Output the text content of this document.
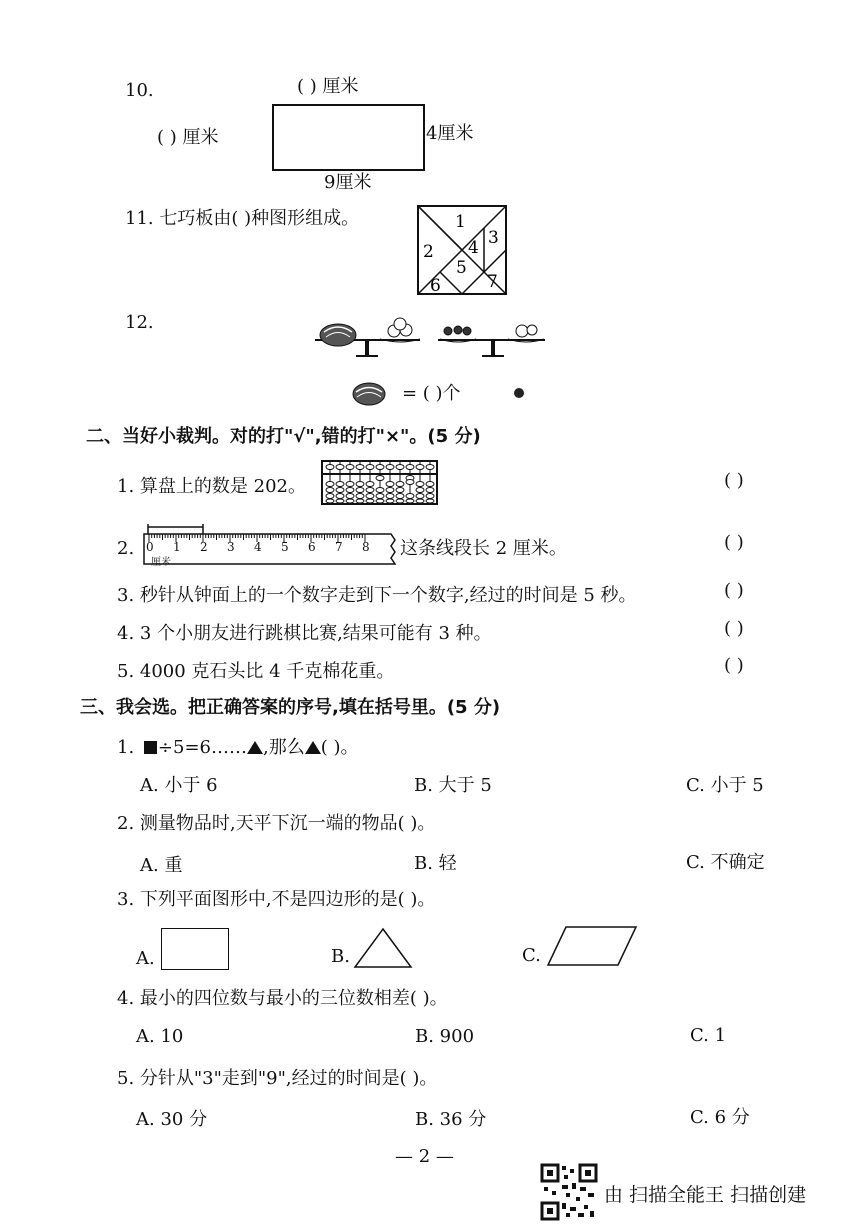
10.	( ) 厘米
( ) 厘米	4厘米
9厘米
11. 七巧板由( )种图形组成。	1
2
3
4
5
6	7
12.
= ( )个
二、当好小裁判。对的打"√",错的打"×"。(5 分)
1. 算盘上的数是 202。	( )
2. 0 1 2 3 4 5 6 7 8
厘米
这条线段长 2 厘米。	( )
3. 秒针从钟面上的一个数字走到下一个数字,经过的时间是 5 秒。	( )
4. 3 个小朋友进行跳棋比赛,结果可能有 3 种。	( )
5. 4000 克石头比 4 千克棉花重。	( )
三、我会选。把正确答案的序号,填在括号里。(5 分)
1. ÷5=6…… ,那么 ( )。
A. 小于 6	B. 大于 5	C. 小于 5
2. 测量物品时,天平下沉一端的物品( )。
A. 重	B. 轻	C. 不确定
3. 下列平面图形中,不是四边形的是( )。
A.	B.	C.
4. 最小的四位数与最小的三位数相差( )。
A. 10	B. 900	C. 1
5. 分针从"3"走到"9",经过的时间是( )。
A. 30 分	B. 36 分	C. 6 分
— 2 —
由 扫描全能王 扫描创建
